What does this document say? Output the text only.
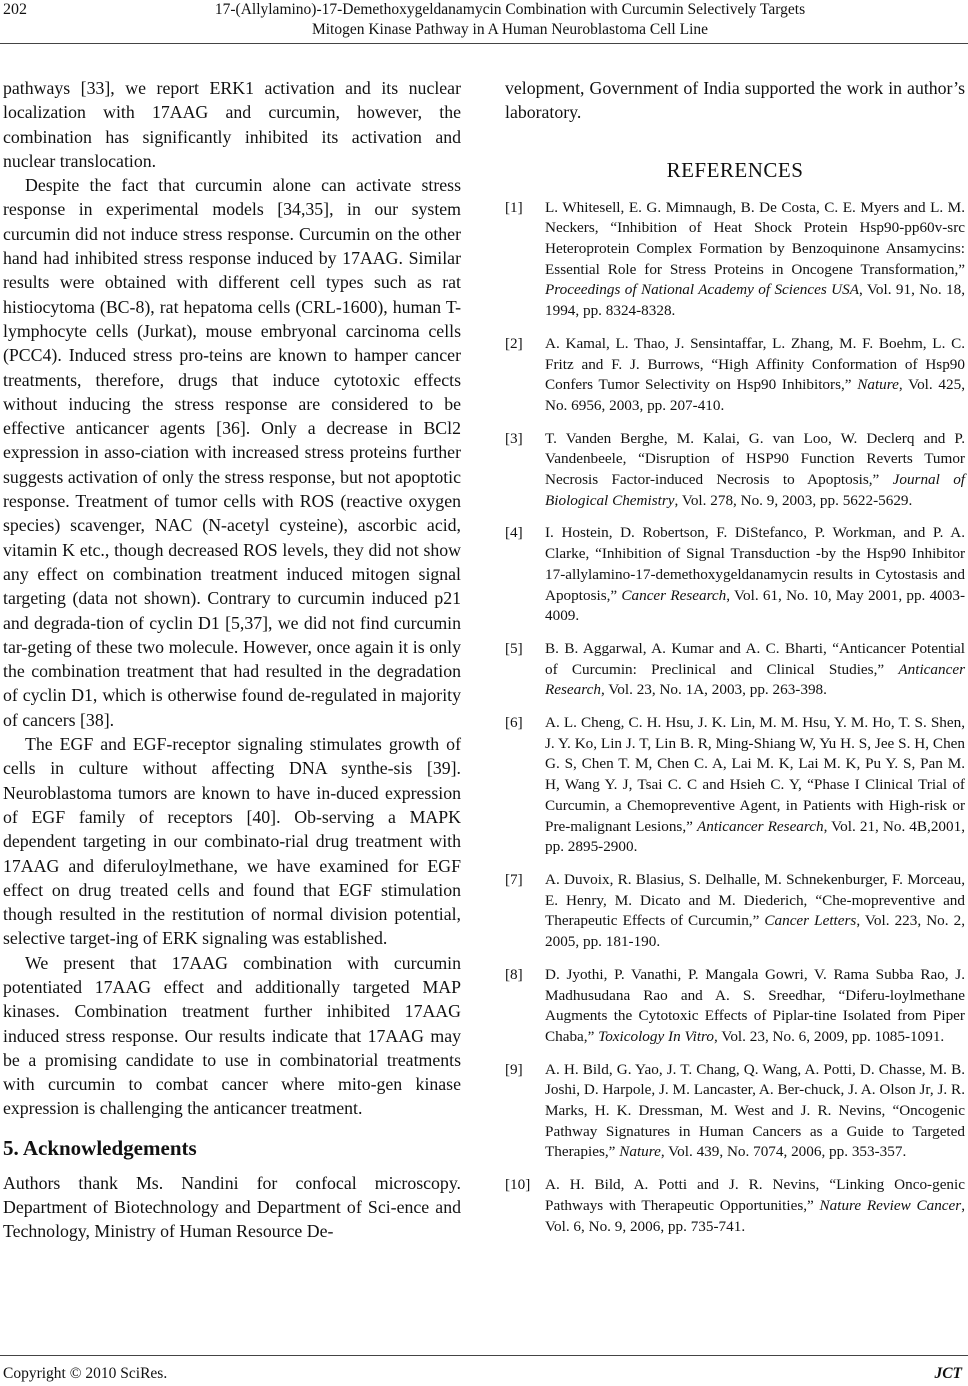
202	17-(Allylamino)-17-Demethoxygeldanamycin Combination with Curcumin Selectively Targets
Mitogen Kinase Pathway in A Human Neuroblastoma Cell Line

pathways [33], we report ERK1 activation and its nuclear localization with 17AAG and curcumin, however, the combination has significantly inhibited its activation and nuclear translocation.

Despite the fact that curcumin alone can activate stress response in experimental models [34,35], in our system curcumin did not induce stress response. Curcumin on the other hand had inhibited stress response induced by 17AAG. Similar results were obtained with different cell types such as rat histiocytoma (BC-8), rat hepatoma cells (CRL-1600), human T-lymphocyte cells (Jurkat), mouse embryonal carcinoma cells (PCC4). Induced stress pro-teins are known to hamper cancer treatments, therefore, drugs that induce cytotoxic effects without inducing the stress response are considered to be effective anticancer agents [36]. Only a decrease in BCl2 expression in asso-ciation with increased stress proteins further suggests activation of only the stress response, but not apoptotic response. Treatment of tumor cells with ROS (reactive oxygen species) scavenger, NAC (N-acetyl cysteine), ascorbic acid, vitamin K etc., though decreased ROS levels, they did not show any effect on combination treatment induced mitogen signal targeting (data not shown). Contrary to curcumin induced p21 and degrada-tion of cyclin D1 [5,37], we did not find curcumin tar-geting of these two molecule. However, once again it is only the combination treatment that had resulted in the degradation of cyclin D1, which is otherwise found de-regulated in majority of cancers [38].

The EGF and EGF-receptor signaling stimulates growth of cells in culture without affecting DNA synthe-sis [39]. Neuroblastoma tumors are known to have in-duced expression of EGF family of receptors [40]. Ob-serving a MAPK dependent targeting in our combinato-rial drug treatment with 17AAG and diferuloylmethane, we have examined for EGF effect on drug treated cells and found that EGF stimulation though resulted in the restitution of normal division potential, selective target-ing of ERK signaling was established.

We present that 17AAG combination with curcumin potentiated 17AAG effect and additionally targeted MAP kinases. Combination treatment further inhibited 17AAG induced stress response. Our results indicate that 17AAG may be a promising candidate to use in combinatorial treatments with curcumin to combat cancer where mito-gen kinase expression is challenging the anticancer treatment.

5. Acknowledgements

Authors thank Ms. Nandini for confocal microscopy. Department of Biotechnology and Department of Sci-ence and Technology, Ministry of Human Resource De-

velopment, Government of India supported the work in author’s laboratory.

REFERENCES
[1]	L. Whitesell, E. G. Mimnaugh, B. De Costa, C. E. Myers and L. M. Neckers, “Inhibition of Heat Shock Protein Hsp90-pp60v-src Heteroprotein Complex Formation by Benzoquinone Ansamycins: Essential Role for Stress Proteins in Oncogene Transformation,” Proceedings of National Academy of Sciences USA, Vol. 91, No. 18, 1994, pp. 8324-8328.
[2]	A. Kamal, L. Thao, J. Sensintaffar, L. Zhang, M. F. Boehm, L. C. Fritz and F. J. Burrows, “High Affinity Conformation of Hsp90 Confers Tumor Selectivity on Hsp90 Inhibitors,” Nature, Vol. 425, No. 6956, 2003, pp. 207-410.
[3]	T. Vanden Berghe, M. Kalai, G. van Loo, W. Declerq and P. Vandenbeele, “Disruption of HSP90 Function Reverts Tumor Necrosis Factor-induced Necrosis to Apoptosis,” Journal of Biological Chemistry, Vol. 278, No. 9, 2003, pp. 5622-5629.
[4]	I. Hostein, D. Robertson, F. DiStefanco, P. Workman, and P. A. Clarke, “Inhibition of Signal Transduction -by the Hsp90 Inhibitor 17-allylamino-17-demethoxygeldanamycin results in Cytostasis and Apoptosis,” Cancer Research, Vol. 61, No. 10, May 2001, pp. 4003-4009.
[5]	B. B. Aggarwal, A. Kumar and A. C. Bharti, “Anticancer Potential of Curcumin: Preclinical and Clinical Studies,” Anticancer Research, Vol. 23, No. 1A, 2003, pp. 263-398.
[6]	A. L. Cheng, C. H. Hsu, J. K. Lin, M. M. Hsu, Y. M. Ho, T. S. Shen, J. Y. Ko, Lin J. T, Lin B. R, Ming-Shiang W, Yu H. S, Jee S. H, Chen G. S, Chen T. M, Chen C. A, Lai M. K, Lai M. K, Pu Y. S, Pan M. H, Wang Y. J, Tsai C. C and Hsieh C. Y, “Phase I Clinical Trial of Curcumin, a Chemopreventive Agent, in Patients with High-risk or Pre-malignant Lesions,” Anticancer Research, Vol. 21, No. 4B,2001, pp. 2895-2900.
[7]	A. Duvoix, R. Blasius, S. Delhalle, M. Schnekenburger, F. Morceau, E. Henry, M. Dicato and M. Diederich, “Che-mopreventive and Therapeutic Effects of Curcumin,” Cancer Letters, Vol. 223, No. 2, 2005, pp. 181-190.
[8]	D. Jyothi, P. Vanathi, P. Mangala Gowri, V. Rama Subba Rao, J. Madhusudana Rao and A. S. Sreedhar, “Diferu-loylmethane Augments the Cytotoxic Effects of Piplar-tine Isolated from Piper Chaba,” Toxicology In Vitro, Vol. 23, No. 6, 2009, pp. 1085-1091.
[9]	A. H. Bild, G. Yao, J. T. Chang, Q. Wang, A. Potti, D. Chasse, M. B. Joshi, D. Harpole, J. M. Lancaster, A. Ber-chuck, J. A. Olson Jr, J. R. Marks, H. K. Dressman, M. West and J. R. Nevins, “Oncogenic Pathway Signatures in Human Cancers as a Guide to Targeted Therapies,” Nature, Vol. 439, No. 7074, 2006, pp. 353-357.
[10] A. H. Bild, A. Potti and J. R. Nevins, “Linking Onco-genic Pathways with Therapeutic Opportunities,” Nature Review Cancer, Vol. 6, No. 9, 2006, pp. 735-741.
Copyright © 2010 SciRes.	JCT
